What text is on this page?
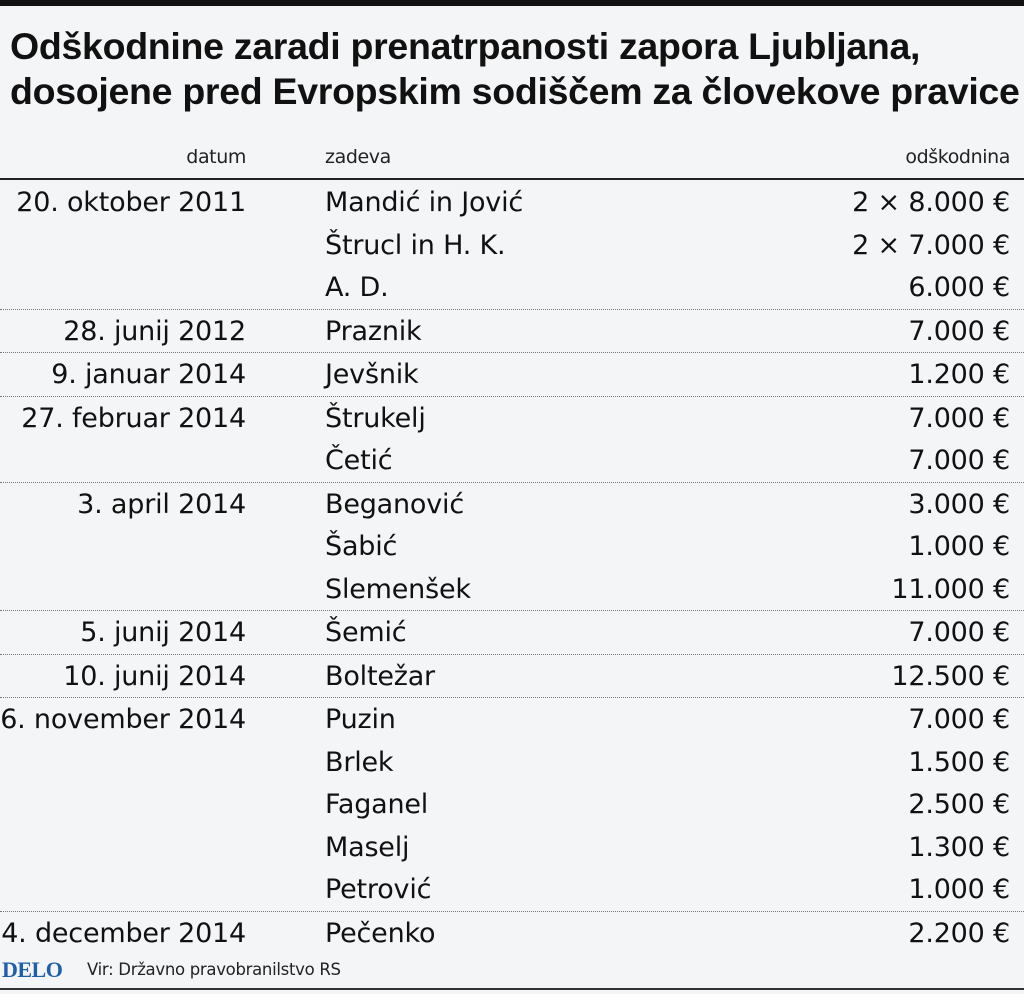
Odškodnine zaradi prenatrpanosti zapora Ljubljana,
dosojene pred Evropskim sodiščem za človekove pravice
datum	zadeva	odškodnina
20. oktober 2011	Mandić in Jović	2 × 8.000 €
Štrucl in H. K.	2 × 7.000 €
A. D.	6.000 €
28. junij 2012	Praznik	7.000 €
9. januar 2014	Jevšnik	1.200 €
27. februar 2014	Štrukelj	7.000 €
Četić	7.000 €
3. april 2014	Beganović	3.000 €
Šabić	1.000 €
Slemenšek	11.000 €
5. junij 2014	Šemić	7.000 €
10. junij 2014	Boltežar	12.500 €
6. november 2014	Puzin	7.000 €
Brlek	1.500 €
Faganel	2.500 €
Maselj	1.300 €
Petrović	1.000 €
4. december 2014	Pečenko	2.200 €
DELO Vir: Državno pravobranilstvo RS
